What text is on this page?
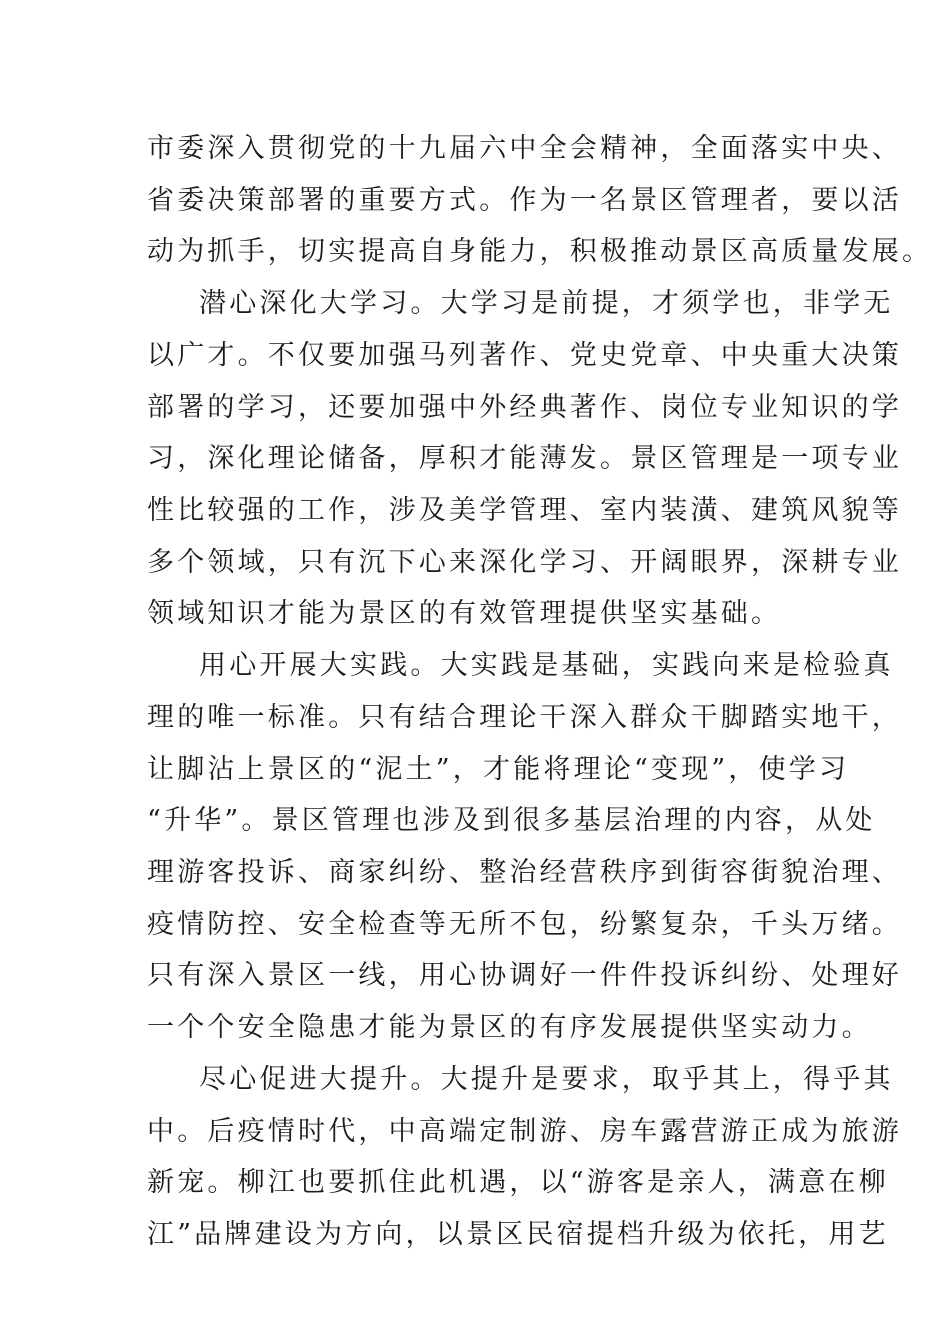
市委深入贯彻党的十九届六中全会精神，全面落实中央、
省委决策部署的重要方式。作为一名景区管理者，要以活
动为抓手，切实提高自身能力，积极推动景区高质量发展。
潜心深化大学习。大学习是前提，才须学也，非学无
以广才。不仅要加强马列著作、党史党章、中央重大决策
部署的学习，还要加强中外经典著作、岗位专业知识的学
习，深化理论储备，厚积才能薄发。景区管理是一项专业
性比较强的工作，涉及美学管理、室内装潢、建筑风貌等
多个领域，只有沉下心来深化学习、开阔眼界，深耕专业
领域知识才能为景区的有效管理提供坚实基础。
用心开展大实践。大实践是基础，实践向来是检验真
理的唯一标准。只有结合理论干深入群众干脚踏实地干，
让脚沾上景区的“泥土”，才能将理论“变现”，使学习
“升华”。景区管理也涉及到很多基层治理的内容，从处
理游客投诉、商家纠纷、整治经营秩序到街容街貌治理、
疫情防控、安全检查等无所不包，纷繁复杂，千头万绪。
只有深入景区一线，用心协调好一件件投诉纠纷、处理好
一个个安全隐患才能为景区的有序发展提供坚实动力。
尽心促进大提升。大提升是要求，取乎其上，得乎其
中。后疫情时代，中高端定制游、房车露营游正成为旅游
新宠。柳江也要抓住此机遇，以“游客是亲人，满意在柳
江”品牌建设为方向，以景区民宿提档升级为依托，用艺
